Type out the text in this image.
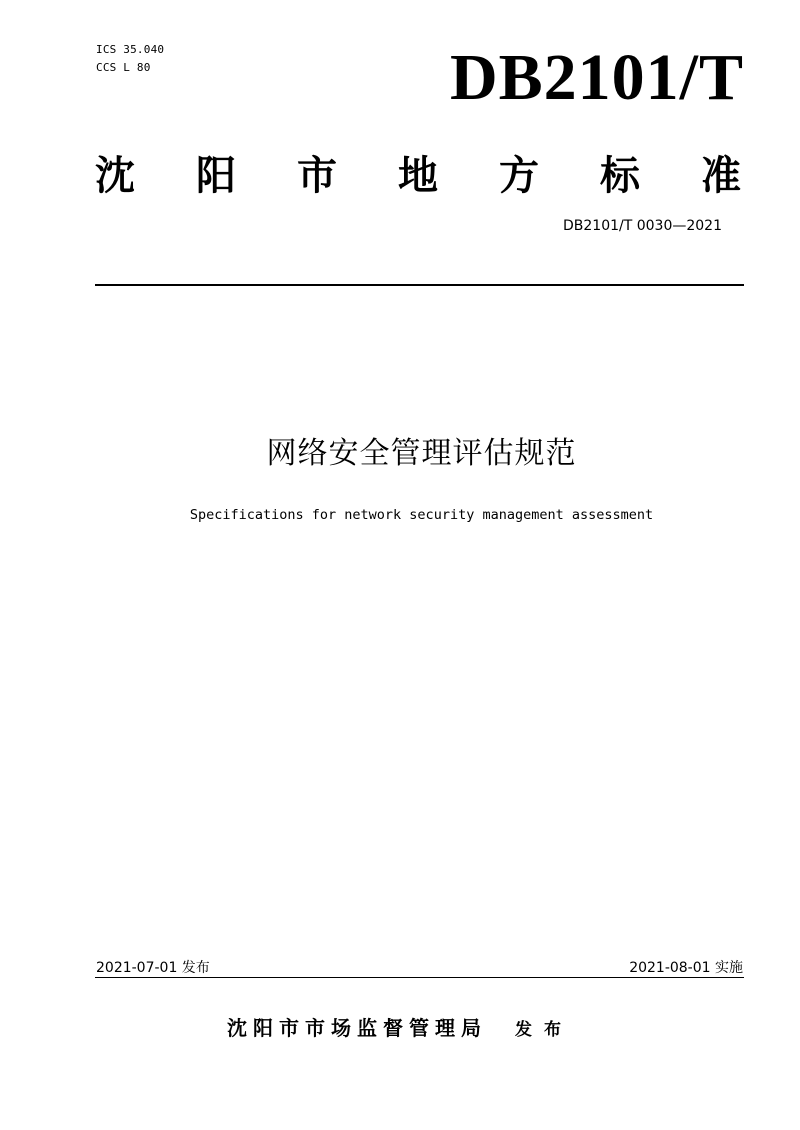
ICS 35.040
CCS L 80	DB2101/T
沈 阳 市 地 方 标 准
DB2101/T 0030—2021
网络安全管理评估规范
Specifications for network security management assessment
2021-07-01 发布	2021-08-01 实施
沈阳市市场监督管理局 发布
